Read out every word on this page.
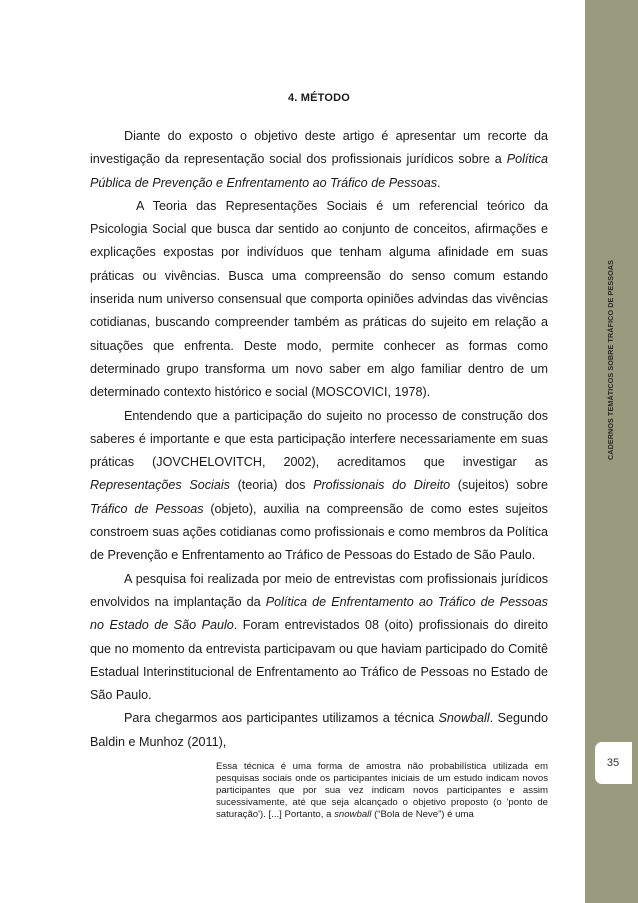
4. MÉTODO

Diante do exposto o objetivo deste artigo é apresentar um recorte da investigação da representação social dos profissionais jurídicos sobre a Política Pública de Prevenção e Enfrentamento ao Tráfico de Pessoas.

A Teoria das Representações Sociais é um referencial teórico da Psicologia Social que busca dar sentido ao conjunto de conceitos, afirmações e explicações expostas por indivíduos que tenham alguma afinidade em suas práticas ou vivências. Busca uma compreensão do senso comum estando inserida num universo consensual que comporta opiniões advindas das vivências cotidianas, buscando compreender também as práticas do sujeito em relação a situações que enfrenta. Deste modo, permite conhecer as formas como determinado grupo transforma um novo saber em algo familiar dentro de um determinado contexto histórico e social (MOSCOVICI, 1978).

Entendendo que a participação do sujeito no processo de construção dos saberes é importante e que esta participação interfere necessariamente em suas práticas (JOVCHELOVITCH, 2002), acreditamos que investigar as Representações Sociais (teoria) dos Profissionais do Direito (sujeitos) sobre Tráfico de Pessoas (objeto), auxilia na compreensão de como estes sujeitos constroem suas ações cotidianas como profissionais e como membros da Política de Prevenção e Enfrentamento ao Tráfico de Pessoas do Estado de São Paulo.

A pesquisa foi realizada por meio de entrevistas com profissionais jurídicos envolvidos na implantação da Política de Enfrentamento ao Tráfico de Pessoas no Estado de São Paulo. Foram entrevistados 08 (oito) profissionais do direito que no momento da entrevista participavam ou que haviam participado do Comitê Estadual Interinstitucional de Enfrentamento ao Tráfico de Pessoas no Estado de São Paulo.

Para chegarmos aos participantes utilizamos a técnica Snowball. Segundo Baldin e Munhoz (2011),

Essa técnica é uma forma de amostra não probabilística utilizada em pesquisas sociais onde os participantes iniciais de um estudo indicam novos participantes que por sua vez indicam novos participantes e assim sucessivamente, até que seja alcançado o objetivo proposto (o 'ponto de saturação'). [...] Portanto, a snowball (“Bola de Neve”) é uma
CADERNOS TEMÁTICOS SOBRE TRÁFICO DE PESSOAS
35
